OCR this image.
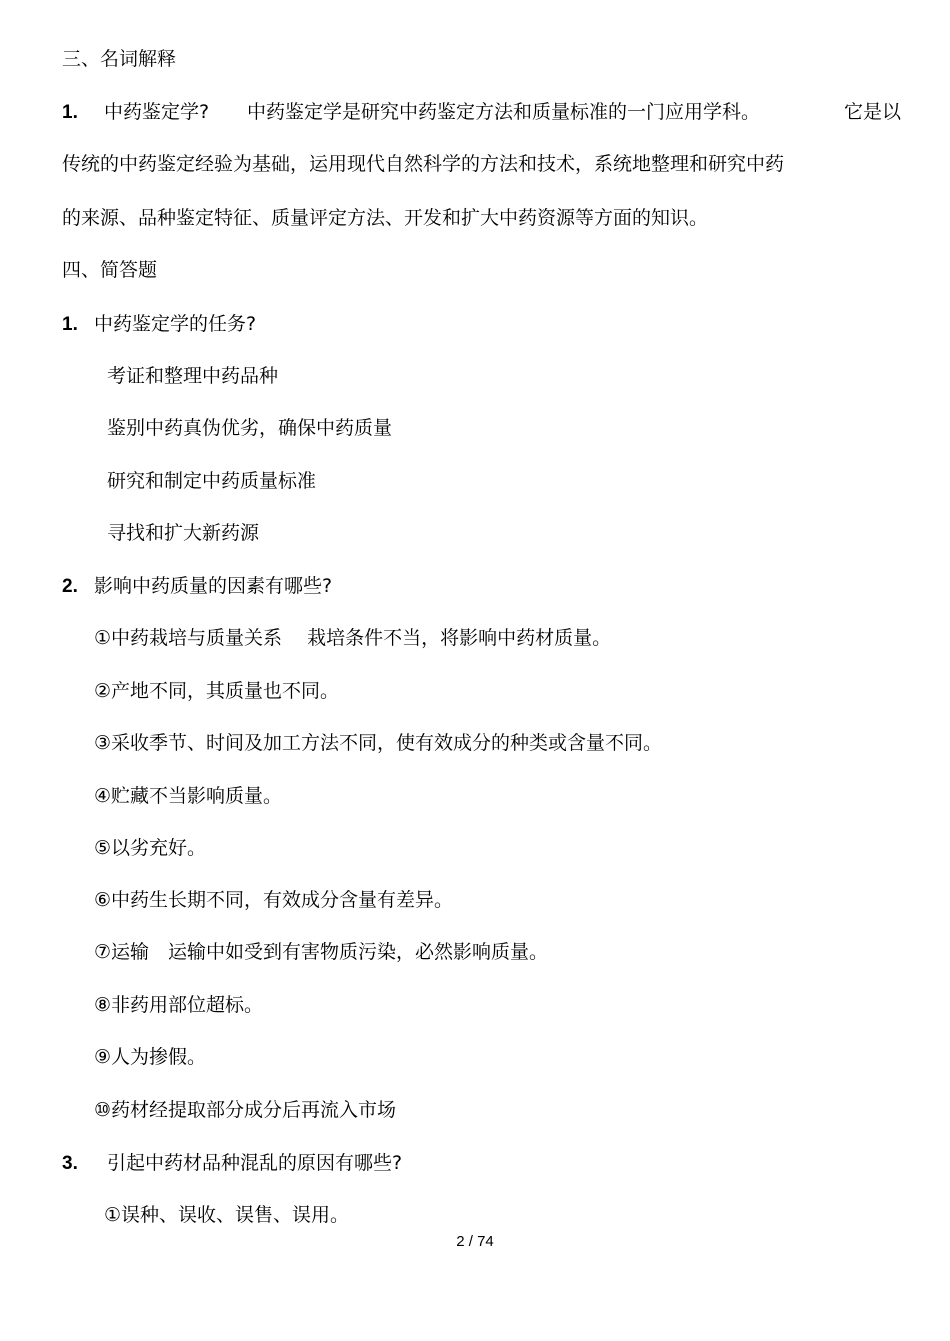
三、名词解释
1. 中药鉴定学? 中药鉴定学是研究中药鉴定方法和质量标准的一门应用学科。	它是以
传统的中药鉴定经验为基础，运用现代自然科学的方法和技术，系统地整理和研究中药
的来源、品种鉴定特征、质量评定方法、开发和扩大中药资源等方面的知识。
四、简答题
1. 中药鉴定学的任务?
考证和整理中药品种
鉴别中药真伪优劣，确保中药质量
研究和制定中药质量标准
寻找和扩大新药源
2. 影响中药质量的因素有哪些?
①中药栽培与质量关系　 栽培条件不当，将影响中药材质量。
②产地不同，其质量也不同。
③采收季节、时间及加工方法不同，使有效成分的种类或含量不同。
④贮藏不当影响质量。
⑤以劣充好。
⑥中药生长期不同，有效成分含量有差异。
⑦运输　运输中如受到有害物质污染，必然影响质量。
⑧非药用部位超标。
⑨人为掺假。
⑩药材经提取部分成分后再流入市场
3. 引起中药材品种混乱的原因有哪些?
①误种、误收、误售、误用。
2 / 74
